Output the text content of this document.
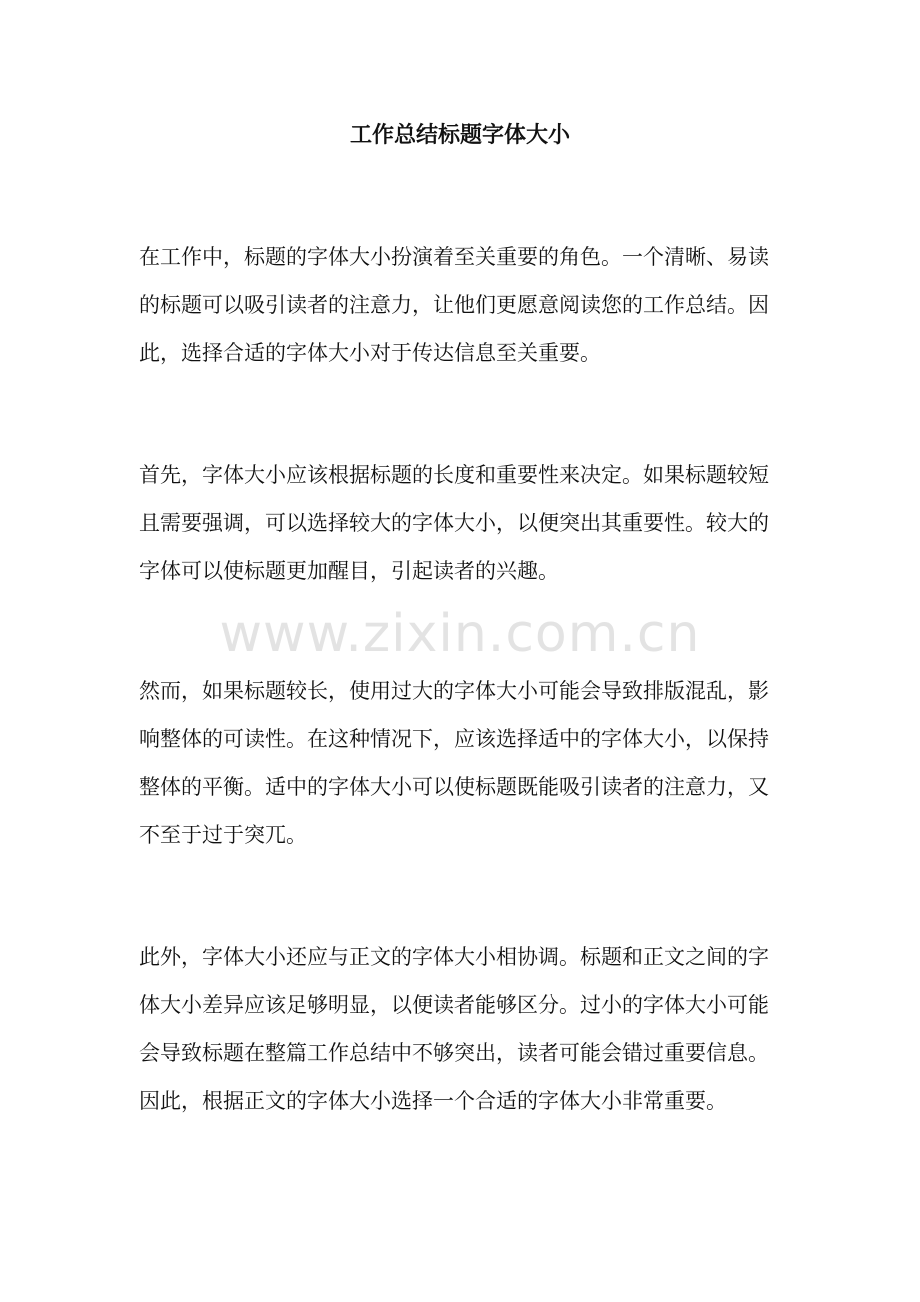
工作总结标题字体大小
www.zixin.com.cn

在工作中，标题的字体大小扮演着至关重要的角色。一个清晰、易读
的标题可以吸引读者的注意力，让他们更愿意阅读您的工作总结。因
此，选择合适的字体大小对于传达信息至关重要。

首先，字体大小应该根据标题的长度和重要性来决定。如果标题较短
且需要强调，可以选择较大的字体大小，以便突出其重要性。较大的
字体可以使标题更加醒目，引起读者的兴趣。

然而，如果标题较长，使用过大的字体大小可能会导致排版混乱，影
响整体的可读性。在这种情况下，应该选择适中的字体大小，以保持
整体的平衡。适中的字体大小可以使标题既能吸引读者的注意力，又
不至于过于突兀。

此外，字体大小还应与正文的字体大小相协调。标题和正文之间的字
体大小差异应该足够明显，以便读者能够区分。过小的字体大小可能
会导致标题在整篇工作总结中不够突出，读者可能会错过重要信息。
因此，根据正文的字体大小选择一个合适的字体大小非常重要。
